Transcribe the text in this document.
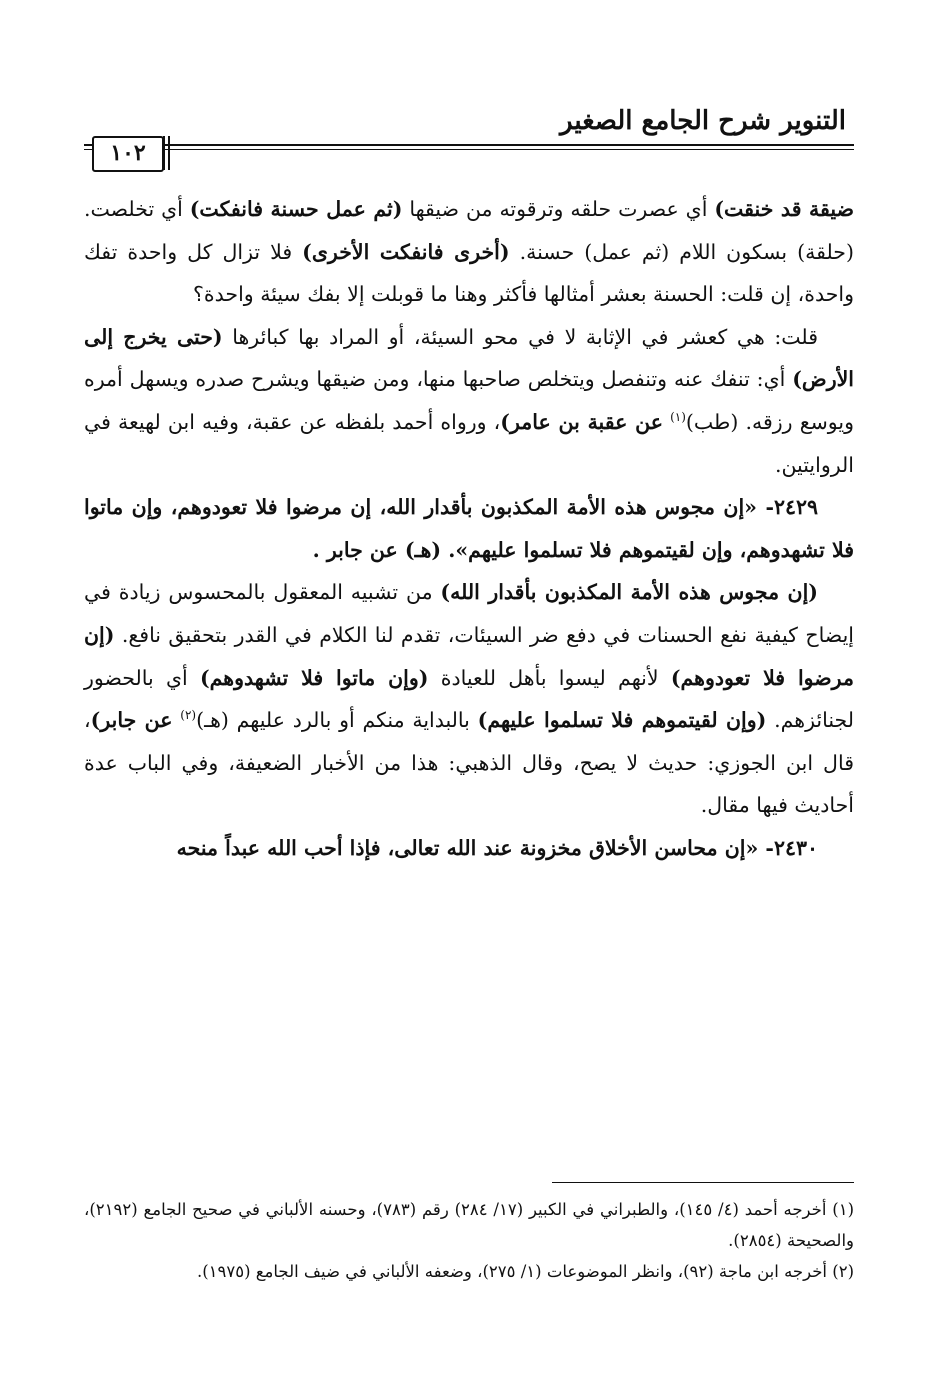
التنوير شرح الجامع الصغير
١٠٢

ضيقة قد خنقت) أي عصرت حلقه وترقوته من ضيقها (ثم عمل حسنة فانفكت) أي تخلصت. (حلقة) بسكون اللام (ثم عمل) حسنة. (أخرى فانفكت الأخرى) فلا تزال كل واحدة تفك واحدة، إن قلت: الحسنة بعشر أمثالها فأكثر وهنا ما قوبلت إلا بفك سيئة واحدة؟

قلت: هي كعشر في الإثابة لا في محو السيئة، أو المراد بها كبائرها (حتى يخرج إلى الأرض) أي: تنفك عنه وتنفصل ويتخلص صاحبها منها، ومن ضيقها ويشرح صدره ويسهل أمره ويوسع رزقه. (طب)$^{(١)}$ عن عقبة بن عامر)، ورواه أحمد بلفظه عن عقبة، وفيه ابن لهيعة في الروايتين.

٢٤٢٩- «إن مجوس هذه الأمة المكذبون بأقدار الله، إن مرضوا فلا تعودوهم، وإن ماتوا فلا تشهدوهم، وإن لقيتموهم فلا تسلموا عليهم». (هـ) عن جابر .

(إن مجوس هذه الأمة المكذبون بأقدار الله) من تشبيه المعقول بالمحسوس زيادة في إيضاح كيفية نفع الحسنات في دفع ضر السيئات، تقدم لنا الكلام في القدر بتحقيق نافع. (إن مرضوا فلا تعودوهم) لأنهم ليسوا بأهل للعيادة (وإن ماتوا فلا تشهدوهم) أي بالحضور لجنائزهم. (وإن لقيتموهم فلا تسلموا عليهم) بالبداية منكم أو بالرد عليهم (هـ)$^{(٢)}$ عن جابر)، قال ابن الجوزي: حديث لا يصح، وقال الذهبي: هذا من الأخبار الضعيفة، وفي الباب عدة أحاديث فيها مقال.

٢٤٣٠- «إن محاسن الأخلاق مخزونة عند الله تعالى، فإذا أحب الله عبداً منحه

(١) أخرجه أحمد (٤/ ١٤٥)، والطبراني في الكبير (١٧/ ٢٨٤) رقم (٧٨٣)، وحسنه الألباني في صحيح الجامع (٢١٩٢)، والصحيحة (٢٨٥٤).

(٢) أخرجه ابن ماجة (٩٢)، وانظر الموضوعات (١/ ٢٧٥)، وضعفه الألباني في ضيف الجامع (١٩٧٥).
